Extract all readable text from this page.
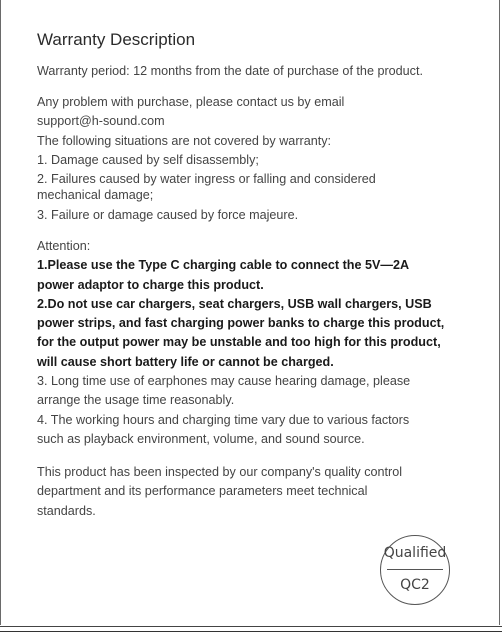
Warranty Description
Warranty period: 12 months from the date of purchase of the product.
Any problem with purchase, please contact us by email
support@h-sound.com
The following situations are not covered by warranty:
1. Damage caused by self disassembly;
2. Failures caused by water ingress or falling and considered
mechanical damage;
3. Failure or damage caused by force majeure.
Attention:
1.Please use the Type C charging cable to connect the 5V—2A
power adaptor to charge this product.
2.Do not use car chargers, seat chargers, USB wall chargers, USB
power strips, and fast charging power banks to charge this product,
for the output power may be unstable and too high for this product,
will cause short battery life or cannot be charged.
3. Long time use of earphones may cause hearing damage, please
arrange the usage time reasonably.
4. The working hours and charging time vary due to various factors
such as playback environment, volume, and sound source.
This product has been inspected by our company's quality control
department and its performance parameters meet technical
standards.
Qualified
QC2
